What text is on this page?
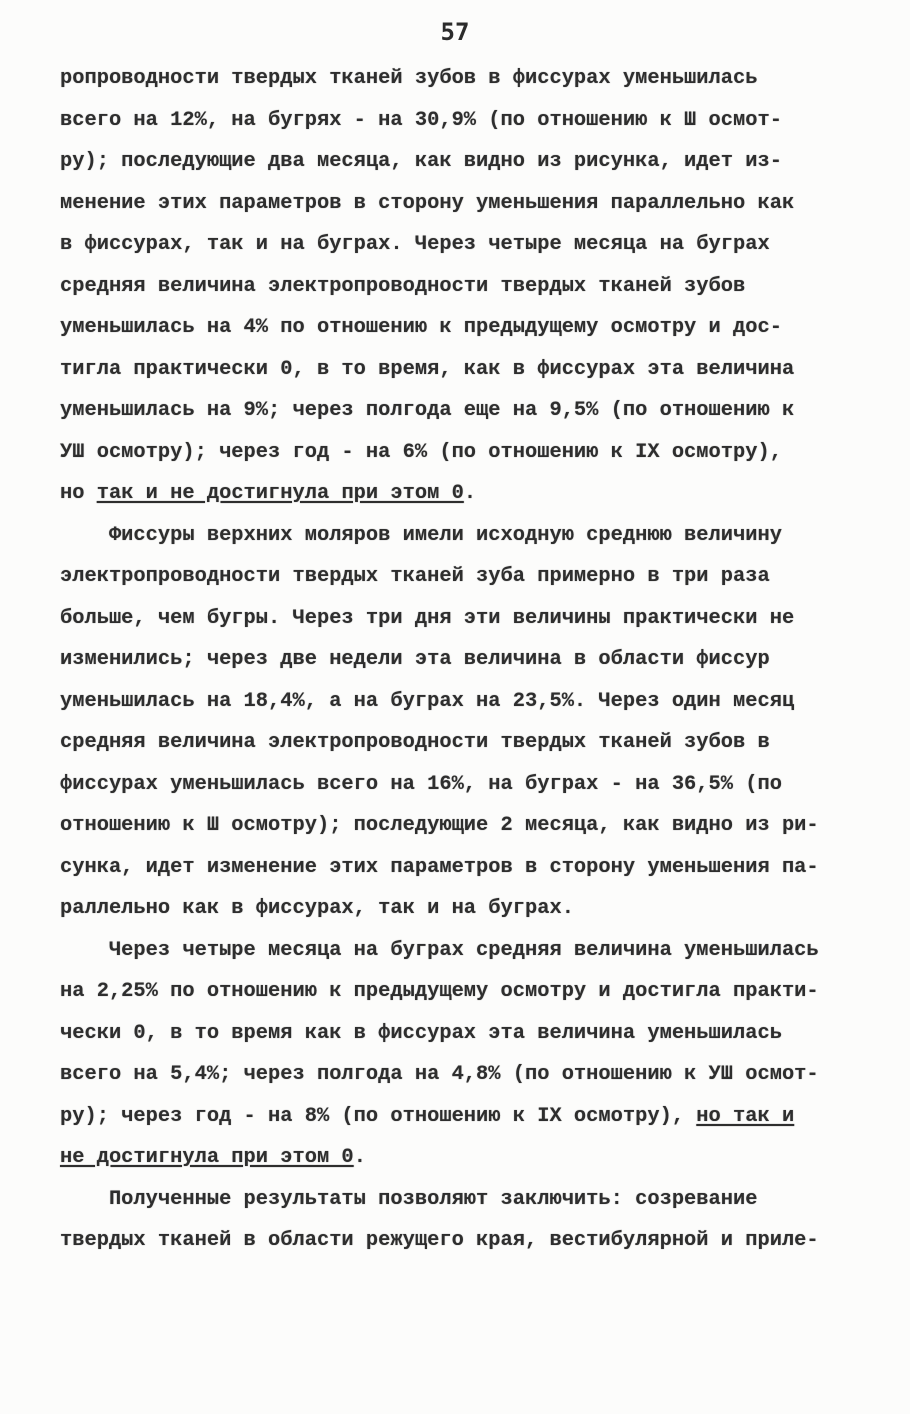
57
ропроводности твердых тканей зубов в фиссурах уменьшилась
всего на 12%, на бугрях - на 30,9% (по отношению к Ш осмот-
ру); последующие два месяца, как видно из рисунка, идет из-
менение этих параметров в сторону уменьшения параллельно как
в фиссурах, так и на буграх. Через четыре месяца на буграх
средняя величина электропроводности твердых тканей зубов
уменьшилась на 4% по отношению к предыдущему осмотру и дос-
тигла практически 0, в то время, как в фиссурах эта величина
уменьшилась на 9%; через полгода еще на 9,5% (по отношению к
УШ осмотру); через год - на 6% (по отношению к IX осмотру),
но так и не достигнула при этом 0.
Фиссуры верхних моляров имели исходную среднюю величину
электропроводности твердых тканей зуба примерно в три раза
больше, чем бугры. Через три дня эти величины практически не
изменились; через две недели эта величина в области фиссур
уменьшилась на 18,4%, а на буграх на 23,5%. Через один месяц
средняя величина электропроводности твердых тканей зубов в
фиссурах уменьшилась всего на 16%, на буграх - на 36,5% (по
отношению к Ш осмотру); последующие 2 месяца, как видно из ри-
сунка, идет изменение этих параметров в сторону уменьшения па-
раллельно как в фиссурах, так и на буграх.
Через четыре месяца на буграх средняя величина уменьшилась
на 2,25% по отношению к предыдущему осмотру и достигла практи-
чески 0, в то время как в фиссурах эта величина уменьшилась
всего на 5,4%; через полгода на 4,8% (по отношению к УШ осмот-
ру); через год - на 8% (по отношению к IX осмотру), но так и
не достигнула при этом 0.
Полученные результаты позволяют заключить: созревание
твердых тканей в области режущего края, вестибулярной и приле-
